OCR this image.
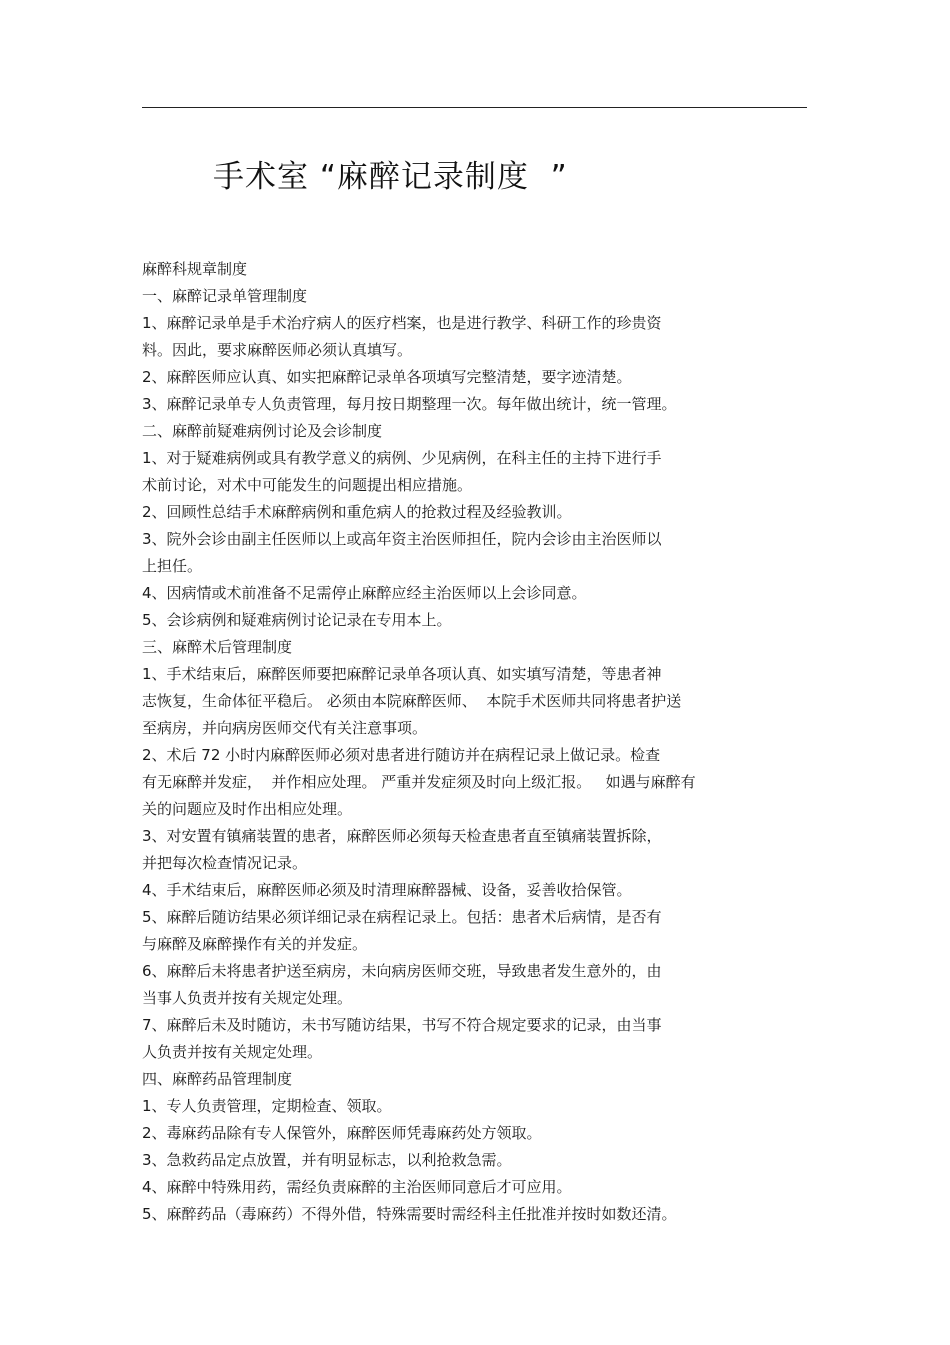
手术室 “麻醉记录制度  ”
麻醉科规章制度
一、麻醉记录单管理制度
1、麻醉记录单是手术治疗病人的医疗档案，也是进行教学、科研工作的珍贵资
料。因此，要求麻醉医师必须认真填写。
2、麻醉医师应认真、如实把麻醉记录单各项填写完整清楚，要字迹清楚。
3、麻醉记录单专人负责管理，每月按日期整理一次。每年做出统计，统一管理。
二、麻醉前疑难病例讨论及会诊制度
1、对于疑难病例或具有教学意义的病例、少见病例，在科主任的主持下进行手
术前讨论，对术中可能发生的问题提出相应措施。
2、回顾性总结手术麻醉病例和重危病人的抢救过程及经验教训。
3、院外会诊由副主任医师以上或高年资主治医师担任，院内会诊由主治医师以
上担任。
4、因病情或术前准备不足需停止麻醉应经主治医师以上会诊同意。
5、会诊病例和疑难病例讨论记录在专用本上。
三、麻醉术后管理制度
1、手术结束后，麻醉医师要把麻醉记录单各项认真、如实填写清楚，等患者神
志恢复，生命体征平稳后。 必须由本院麻醉医师、  本院手术医师共同将患者护送
至病房，并向病房医师交代有关注意事项。
2、术后 72 小时内麻醉医师必须对患者进行随访并在病程记录上做记录。检查
有无麻醉并发症，  并作相应处理。 严重并发症须及时向上级汇报。   如遇与麻醉有
关的问题应及时作出相应处理。
3、对安置有镇痛装置的患者，麻醉医师必须每天检查患者直至镇痛装置拆除，
并把每次检查情况记录。
4、手术结束后，麻醉医师必须及时清理麻醉器械、设备，妥善收拾保管。
5、麻醉后随访结果必须详细记录在病程记录上。包括：患者术后病情，是否有
与麻醉及麻醉操作有关的并发症。
6、麻醉后未将患者护送至病房，未向病房医师交班，导致患者发生意外的，由
当事人负责并按有关规定处理。
7、麻醉后未及时随访，未书写随访结果，书写不符合规定要求的记录，由当事
人负责并按有关规定处理。
四、麻醉药品管理制度
1、专人负责管理，定期检查、领取。
2、毒麻药品除有专人保管外，麻醉医师凭毒麻药处方领取。
3、急救药品定点放置，并有明显标志，以利抢救急需。
4、麻醉中特殊用药，需经负责麻醉的主治医师同意后才可应用。
5、麻醉药品（毒麻药）不得外借，特殊需要时需经科主任批准并按时如数还清。
